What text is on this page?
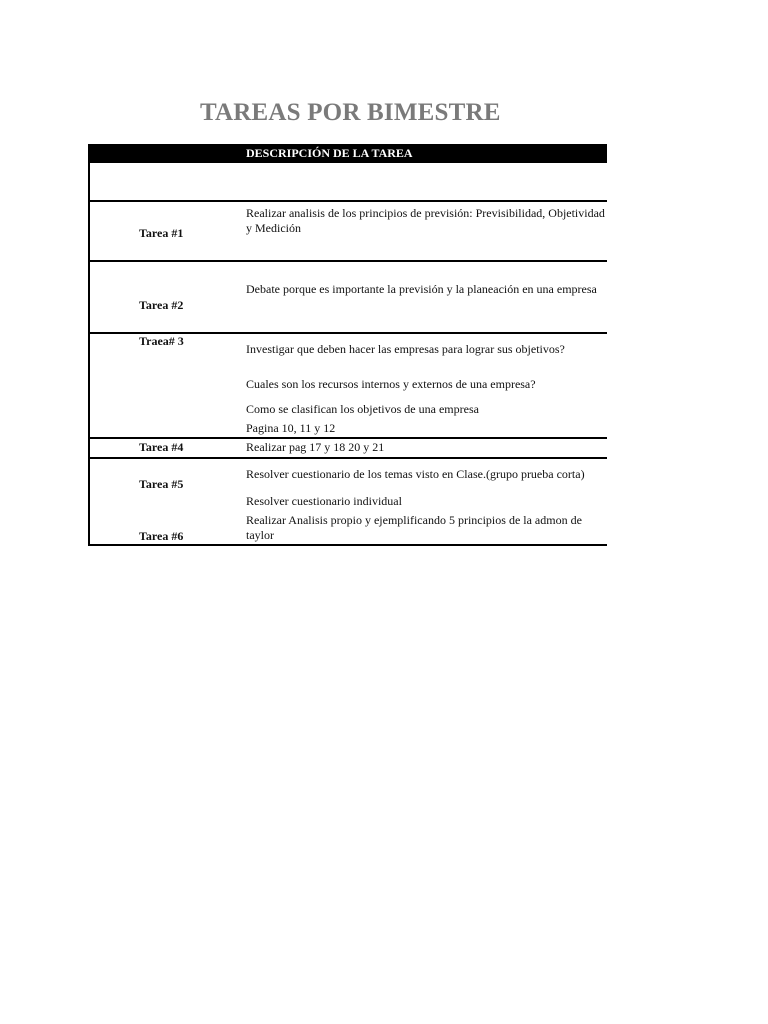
TAREAS POR BIMESTRE
DESCRIPCIÓN DE LA TAREA
Tarea #1
Realizar analisis de los principios de previsión: Previsibilidad, Objetividad y Medición
Tarea #2
Debate porque es importante la previsión y la planeación en una empresa
Traea# 3
Investigar que deben hacer las empresas para lograr sus objetivos?
Cuales son los recursos internos y externos de una empresa?
Como se clasifican los objetivos de una empresa
Pagina 10, 11 y 12
Tarea #4	Realizar pag 17 y 18 20 y 21
Tarea #5
Resolver cuestionario de los temas visto en Clase.(grupo prueba corta)
Resolver cuestionario individual
Tarea #6
Realizar Analisis propio y ejemplificando 5 principios de la admon de taylor
